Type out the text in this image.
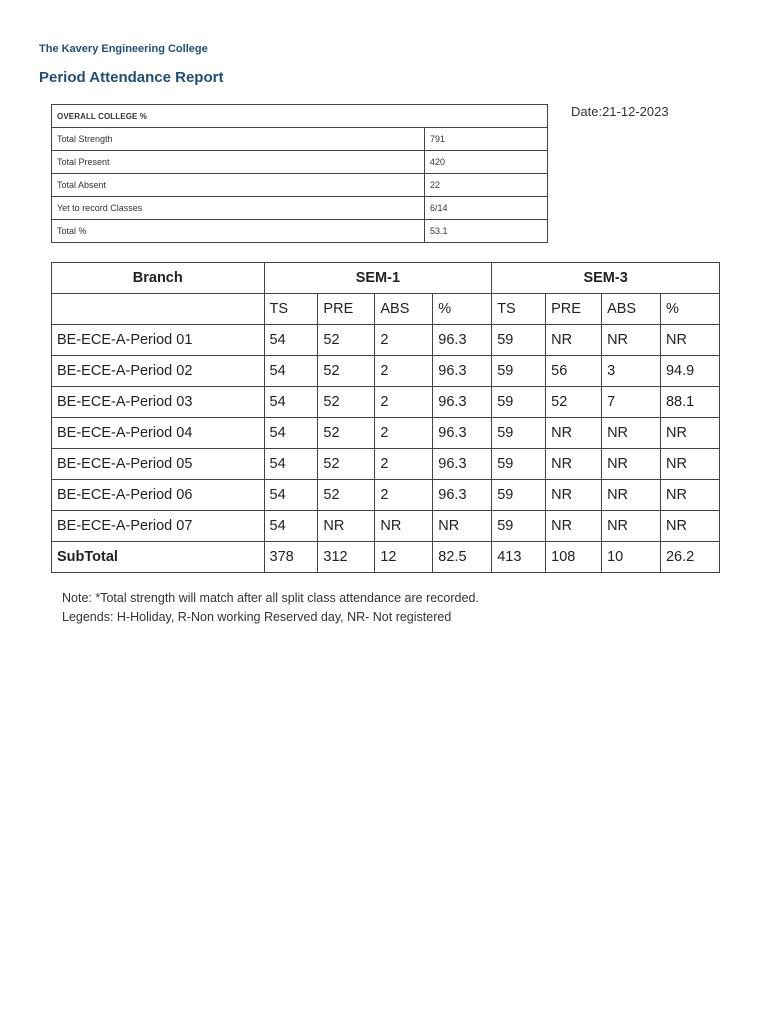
The Kavery Engineering College
Period Attendance Report
Date:21-12-2023
OVERALL COLLEGE %	
Total Strength	791
Total Present	420
Total Absent	22
Yet to record Classes	6/14
Total %	53.1
Branch	SEM-1				SEM-3			
	TS	PRE	ABS	%	TS	PRE	ABS	%
BE-ECE-A-Period 01	54	52	2	96.3	59	NR	NR	NR
BE-ECE-A-Period 02	54	52	2	96.3	59	56	3	94.9
BE-ECE-A-Period 03	54	52	2	96.3	59	52	7	88.1
BE-ECE-A-Period 04	54	52	2	96.3	59	NR	NR	NR
BE-ECE-A-Period 05	54	52	2	96.3	59	NR	NR	NR
BE-ECE-A-Period 06	54	52	2	96.3	59	NR	NR	NR
BE-ECE-A-Period 07	54	NR	NR	NR	59	NR	NR	NR
SubTotal	378	312	12	82.5	413	108	10	26.2
Note: *Total strength will match after all split class attendance are recorded.
Legends: H-Holiday, R-Non working Reserved day, NR- Not registered
